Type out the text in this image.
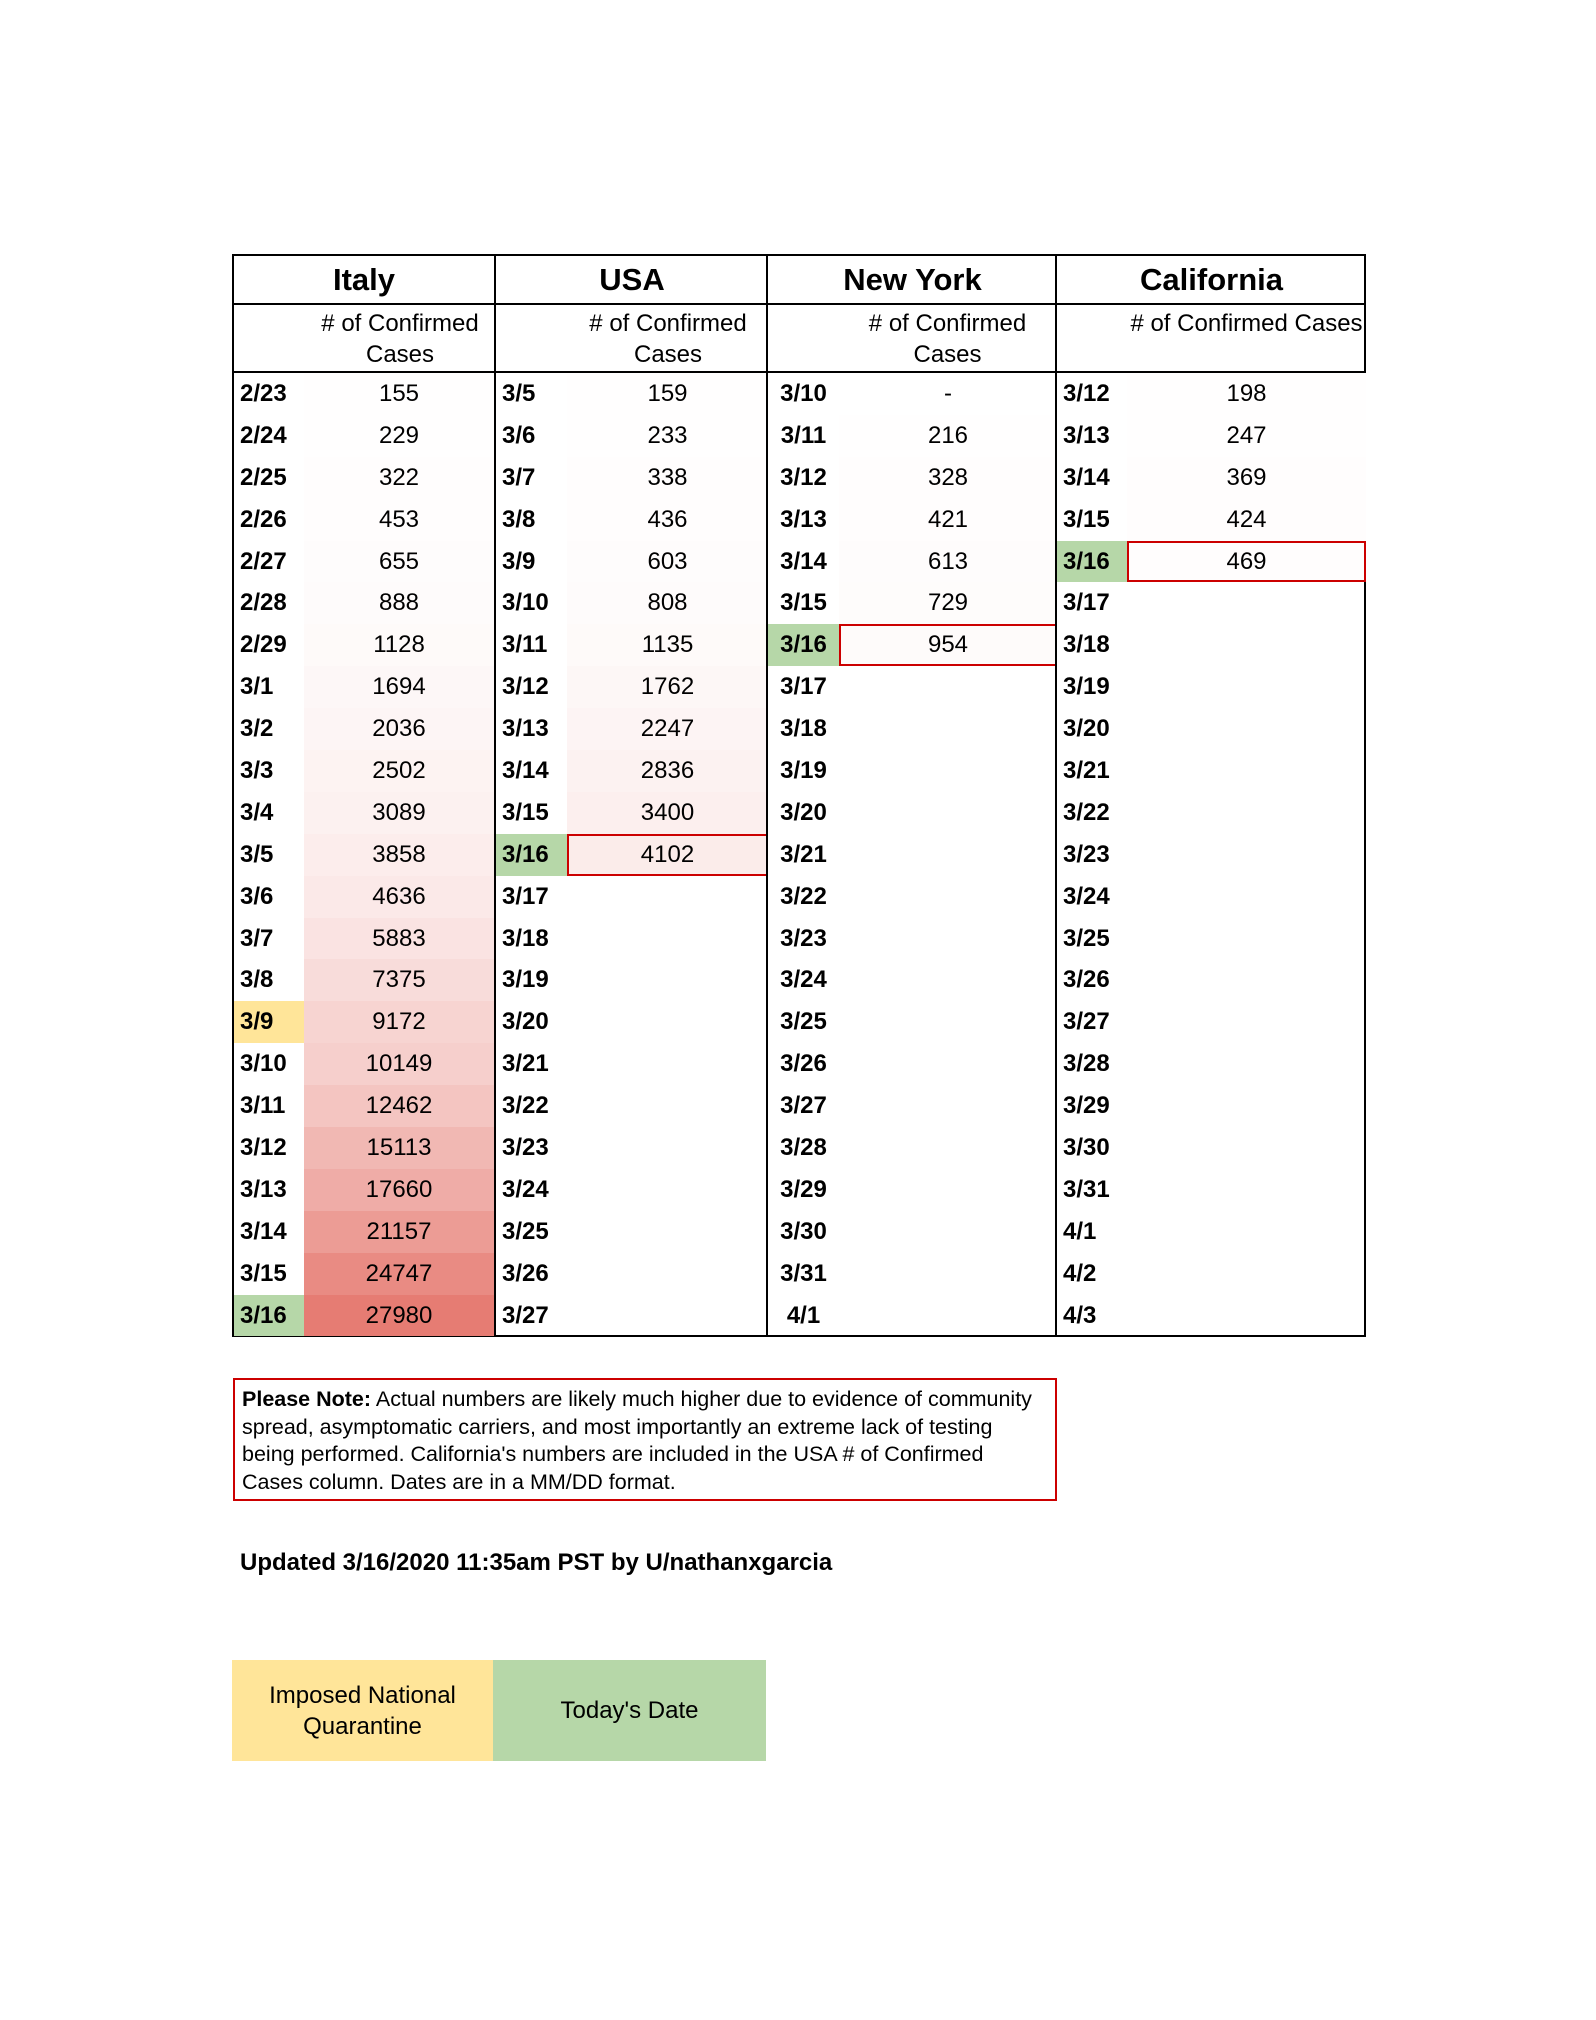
Italy
# of Confirmed Cases
2/23	155
2/24	229
2/25	322
2/26	453
2/27	655
2/28	888
2/29	1128
3/1	1694
3/2	2036
3/3	2502
3/4	3089
3/5	3858
3/6	4636
3/7	5883
3/8	7375
3/9	9172
3/10	10149
3/11	12462
3/12	15113
3/13	17660
3/14	21157
3/15	24747
3/16	27980
USA
# of Confirmed Cases
3/5	159
3/6	233
3/7	338
3/8	436
3/9	603
3/10	808
3/11	1135
3/12	1762
3/13	2247
3/14	2836
3/15	3400
3/16	4102
3/17
3/18
3/19
3/20
3/21
3/22
3/23
3/24
3/25
3/26
3/27
New York
# of Confirmed Cases
3/10	-
3/11	216
3/12	328
3/13	421
3/14	613
3/15	729
3/16	954
3/17
3/18
3/19
3/20
3/21
3/22
3/23
3/24
3/25
3/26
3/27
3/28
3/29
3/30
3/31
4/1
California
# of Confirmed Cases
3/12	198
3/13	247
3/14	369
3/15	424
3/16	469
3/17
3/18
3/19
3/20
3/21
3/22
3/23
3/24
3/25
3/26
3/27
3/28
3/29
3/30
3/31
4/1
4/2
4/3
Please Note: Actual numbers are likely much higher due to evidence of community spread, asymptomatic carriers, and most importantly an extreme lack of testing being performed. California's numbers are included in the USA # of Confirmed Cases column. Dates are in a MM/DD format.
Updated 3/16/2020 11:35am PST by U/nathanxgarcia
Imposed National Quarantine
Today's Date
